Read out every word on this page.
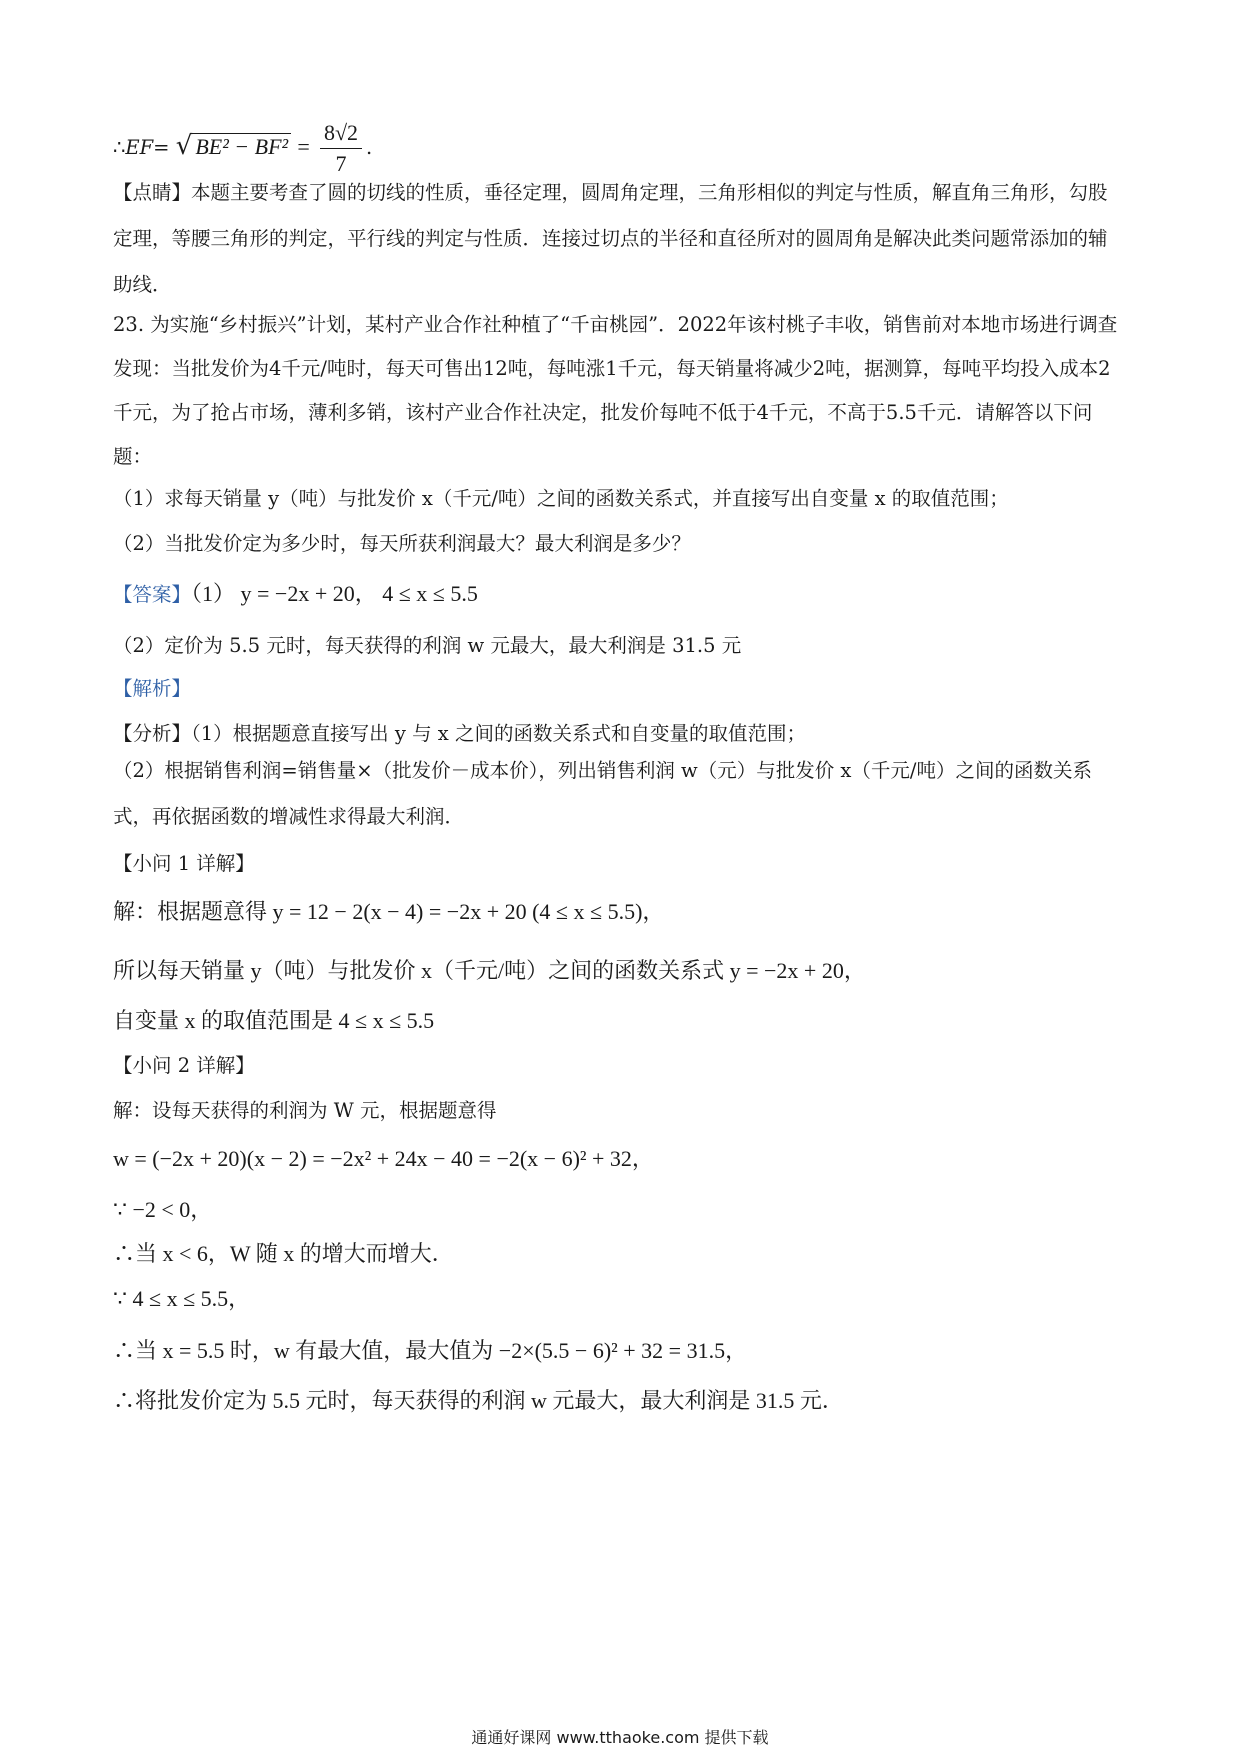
∴EF= √ $BE^2 - BF^2 = \frac{8√2}{7}$ .
【点睛】本题主要考查了圆的切线的性质，垂径定理，圆周角定理，三角形相似的判定与性质，解直角三角形，勾股定理，等腰三角形的判定，平行线的判定与性质．连接过切点的半径和直径所对的圆周角是解决此类问题常添加的辅助线．
23. 为实施“乡村振兴”计划，某村产业合作社种植了“千亩桃园”．2022年该村桃子丰收，销售前对本地市场进行调查发现：当批发价为4千元/吨时，每天可售出12吨，每吨涨1千元，每天销量将减少2吨，据测算，每吨平均投入成本2千元，为了抢占市场，薄利多销，该村产业合作社决定，批发价每吨不低于4千元，不高于5.5千元．请解答以下问题：
（1）求每天销量 y（吨）与批发价 x（千元/吨）之间的函数关系式，并直接写出自变量 x 的取值范围；
（2）当批发价定为多少时，每天所获利润最大？最大利润是多少？
【答案】（1） y = −2x + 20， 4 ≤ x ≤ 5.5
（2）定价为 5.5 元时，每天获得的利润 w 元最大，最大利润是 31.5 元
【解析】
【分析】（1）根据题意直接写出 y 与 x 之间的函数关系式和自变量的取值范围；
（2）根据销售利润=销售量×（批发价－成本价），列出销售利润 w（元）与批发价 x（千元/吨）之间的函数关系式，再依据函数的增减性求得最大利润．
【小问 1 详解】
解：根据题意得 y = 12 − 2(x − 4) = −2x + 20 (4 ≤ x ≤ 5.5)，
所以每天销量 y（吨）与批发价 x（千元/吨）之间的函数关系式 y = −2x + 20，
自变量 x 的取值范围是 4 ≤ x ≤ 5.5
【小问 2 详解】
解：设每天获得的利润为 W 元，根据题意得
w = (−2x + 20)(x − 2) = −2x² + 24x − 40 = −2(x − 6)² + 32，
∵ −2 < 0，
∴当 x < 6，W 随 x 的增大而增大．
∵ 4 ≤ x ≤ 5.5，
∴当 x = 5.5 时，w 有最大值，最大值为 −2×(5.5 − 6)² + 32 = 31.5，
∴将批发价定为 5.5 元时，每天获得的利润 w 元最大，最大利润是 31.5 元．
通通好课网 www.tthaoke.com 提供下载
